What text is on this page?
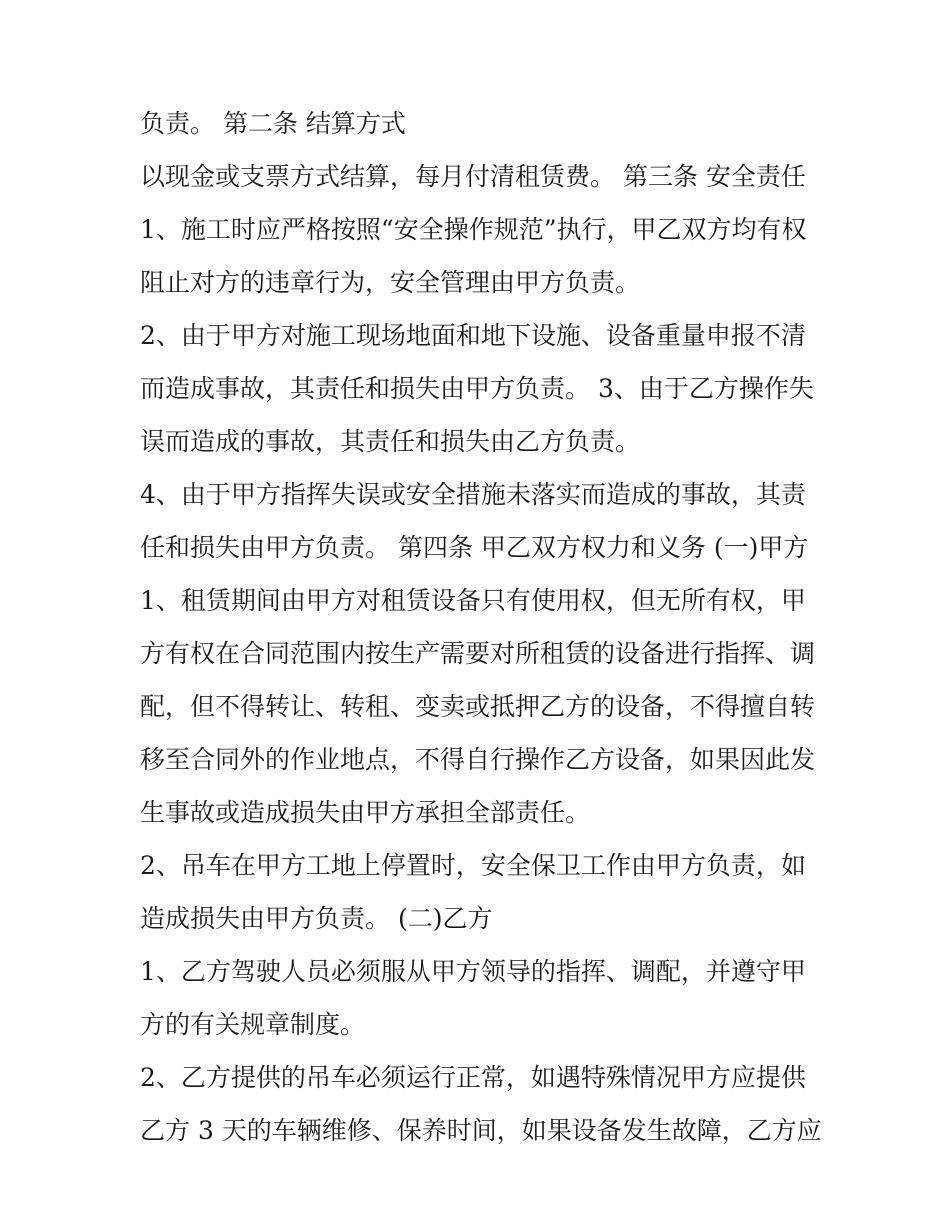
负责。 第二条 结算方式

以现金或支票方式结算，每月付清租赁费。 第三条 安全责任

1、施工时应严格按照“安全操作规范”执行，甲乙双方均有权
阻止对方的违章行为，安全管理由甲方负责。

2、由于甲方对施工现场地面和地下设施、设备重量申报不清
而造成事故，其责任和损失由甲方负责。 3、由于乙方操作失
误而造成的事故，其责任和损失由乙方负责。

4、由于甲方指挥失误或安全措施未落实而造成的事故，其责
任和损失由甲方负责。 第四条 甲乙双方权力和义务 (一)甲方

1、租赁期间由甲方对租赁设备只有使用权，但无所有权，甲
方有权在合同范围内按生产需要对所租赁的设备进行指挥、调
配，但不得转让、转租、变卖或抵押乙方的设备，不得擅自转
移至合同外的作业地点，不得自行操作乙方设备，如果因此发
生事故或造成损失由甲方承担全部责任。

2、吊车在甲方工地上停置时，安全保卫工作由甲方负责，如
造成损失由甲方负责。 (二)乙方

1、乙方驾驶人员必须服从甲方领导的指挥、调配，并遵守甲
方的有关规章制度。

2、乙方提供的吊车必须运行正常，如遇特殊情况甲方应提供
乙方 3 天的车辆维修、保养时间，如果设备发生故障，乙方应
